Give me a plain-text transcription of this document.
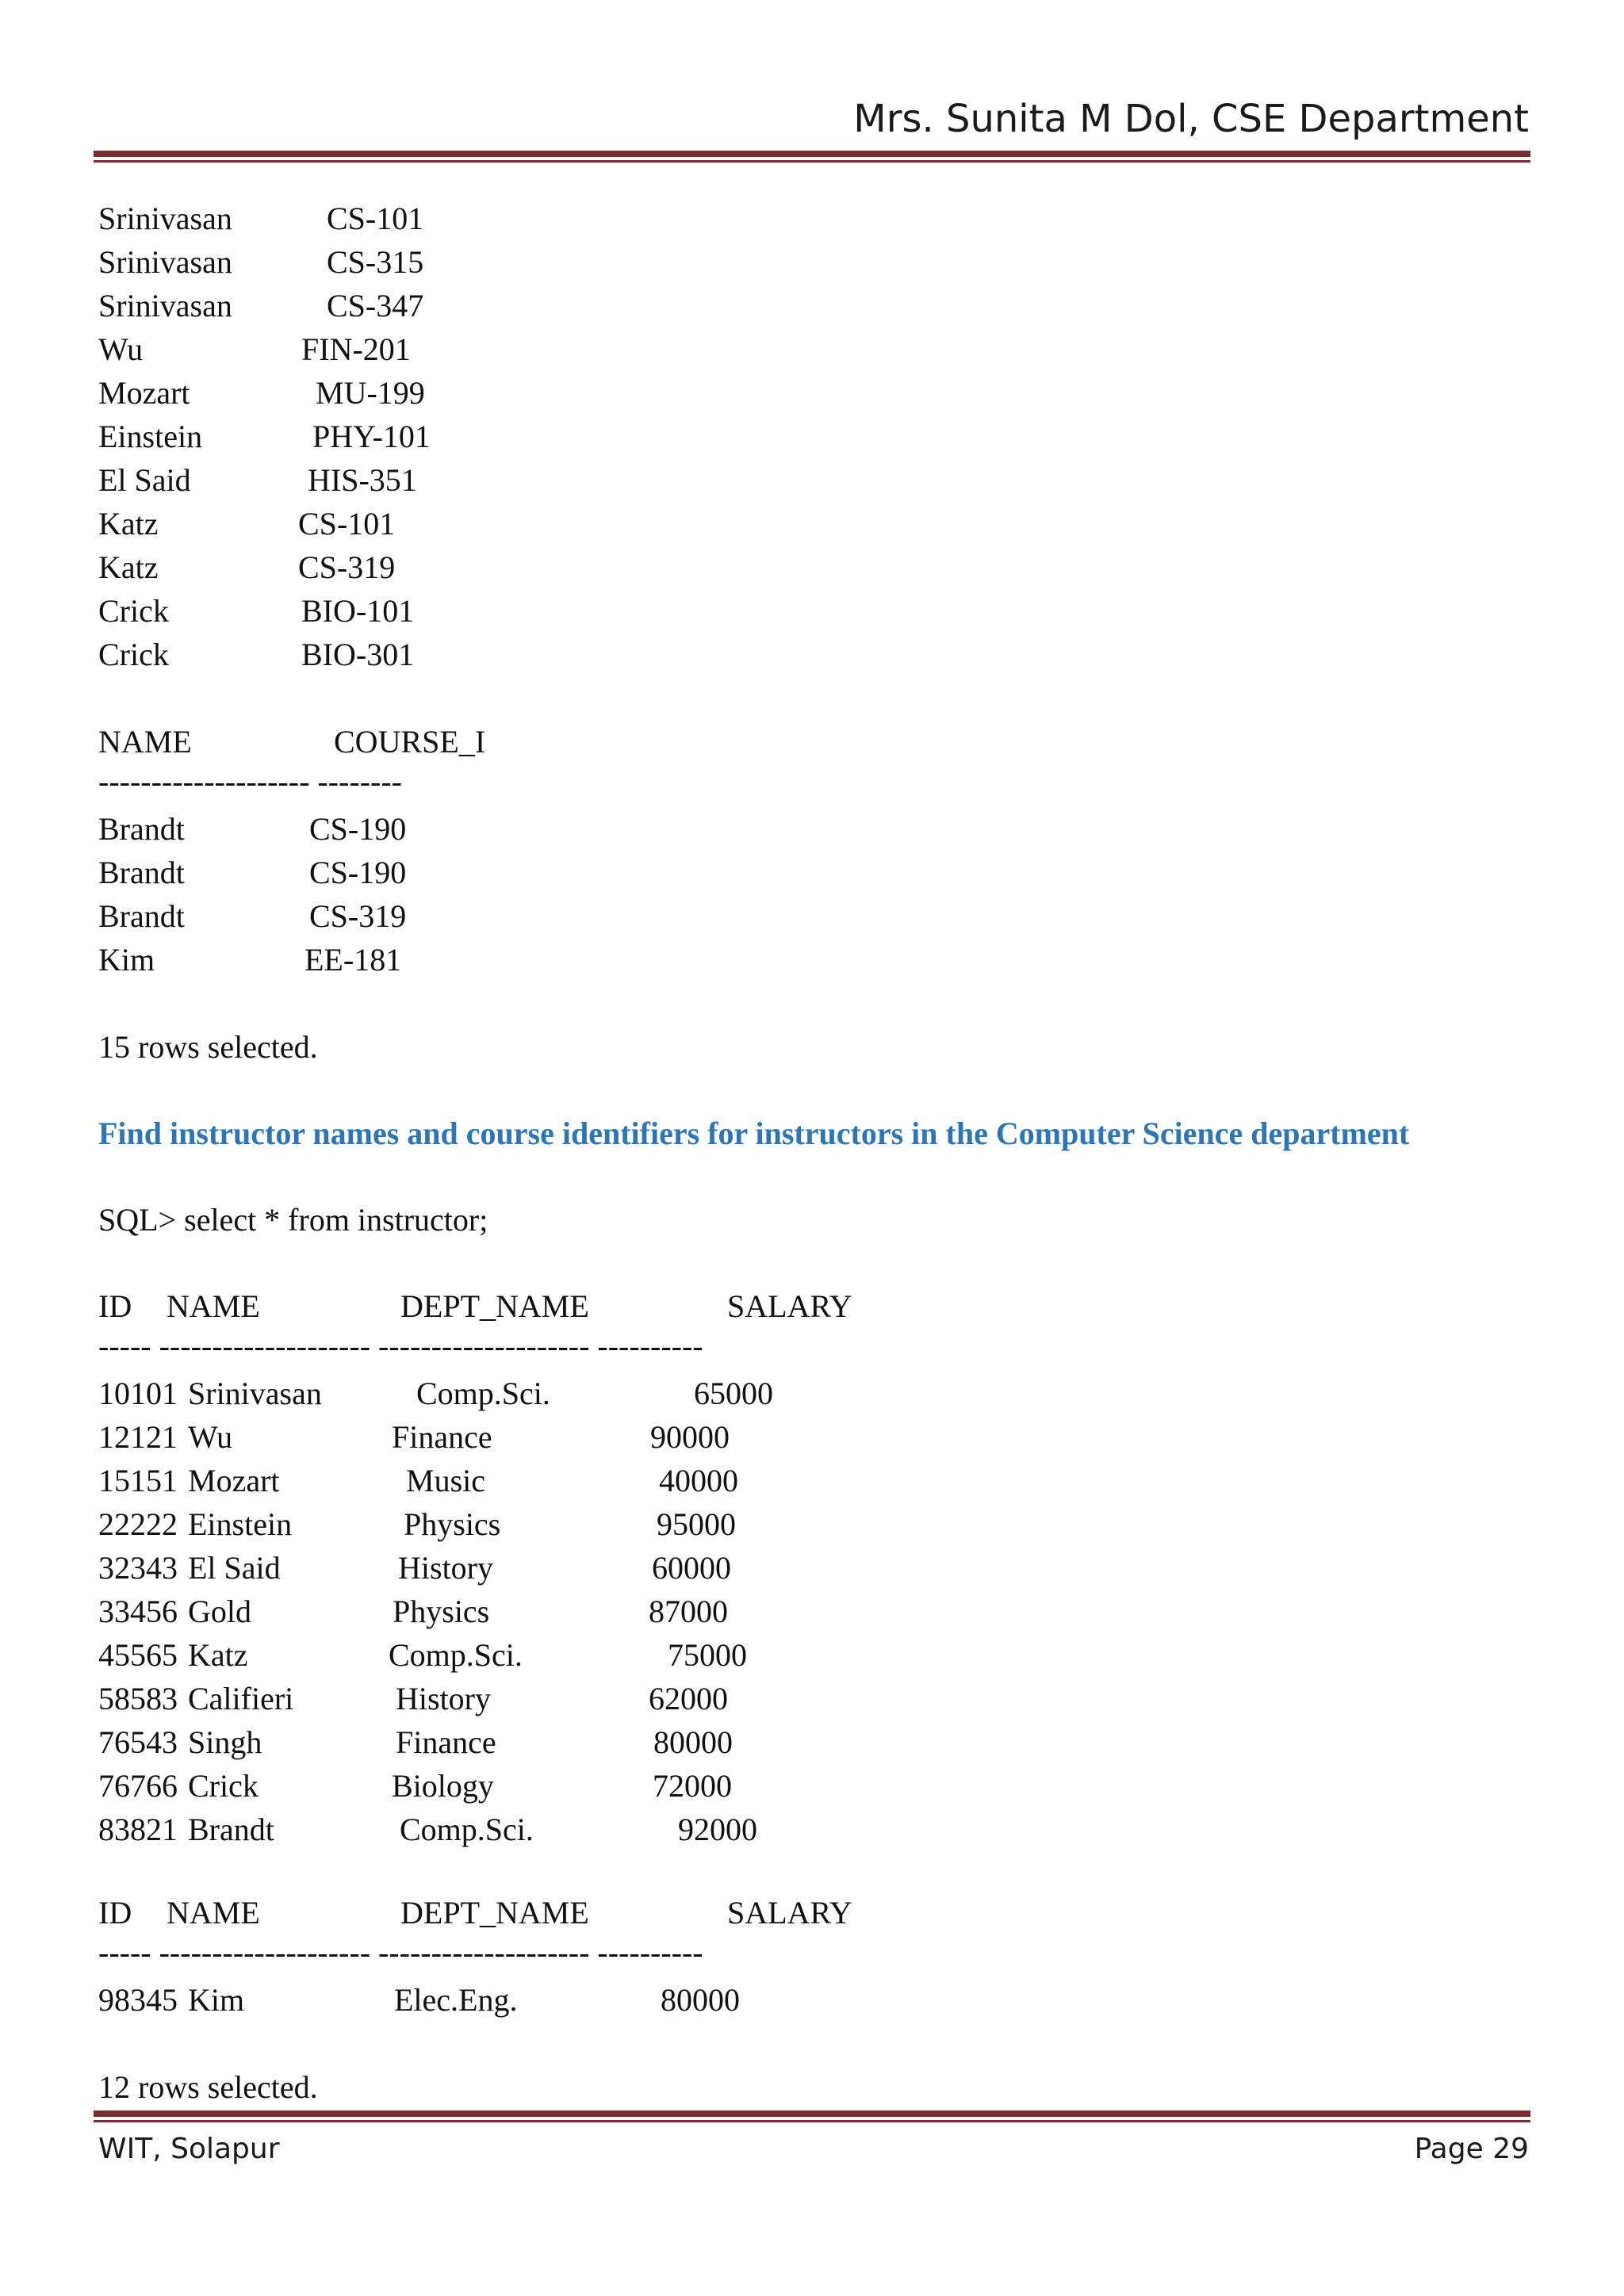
Mrs. Sunita M Dol, CSE Department
Srinivasan	CS-101
Srinivasan	CS-315
Srinivasan	CS-347
Wu	FIN-201
Mozart	MU-199
Einstein	PHY-101
El Said	HIS-351
Katz	CS-101
Katz	CS-319
Crick	BIO-101
Crick	BIO-301
NAME	COURSE_I
-------------------- --------
Brandt	CS-190
Brandt	CS-190
Brandt	CS-319
Kim	EE-181
15 rows selected.
Find instructor names and course identifiers for instructors in the Computer Science department
SQL> select * from instructor;
ID NAME	DEPT_NAME	SALARY
----- -------------------- -------------------- ----------
10101 Srinivasan	Comp.Sci.	65000
12121 Wu	Finance	90000
15151 Mozart	Music	40000
22222 Einstein	Physics	95000
32343 El Said	History	60000
33456 Gold	Physics	87000
45565 Katz	Comp.Sci.	75000
58583 Califieri	History	62000
76543 Singh	Finance	80000
76766 Crick	Biology	72000
83821 Brandt	Comp.Sci.	92000
ID NAME	DEPT_NAME	SALARY
----- -------------------- -------------------- ----------
98345 Kim	Elec.Eng.	80000
12 rows selected.
WIT, Solapur	Page 29
